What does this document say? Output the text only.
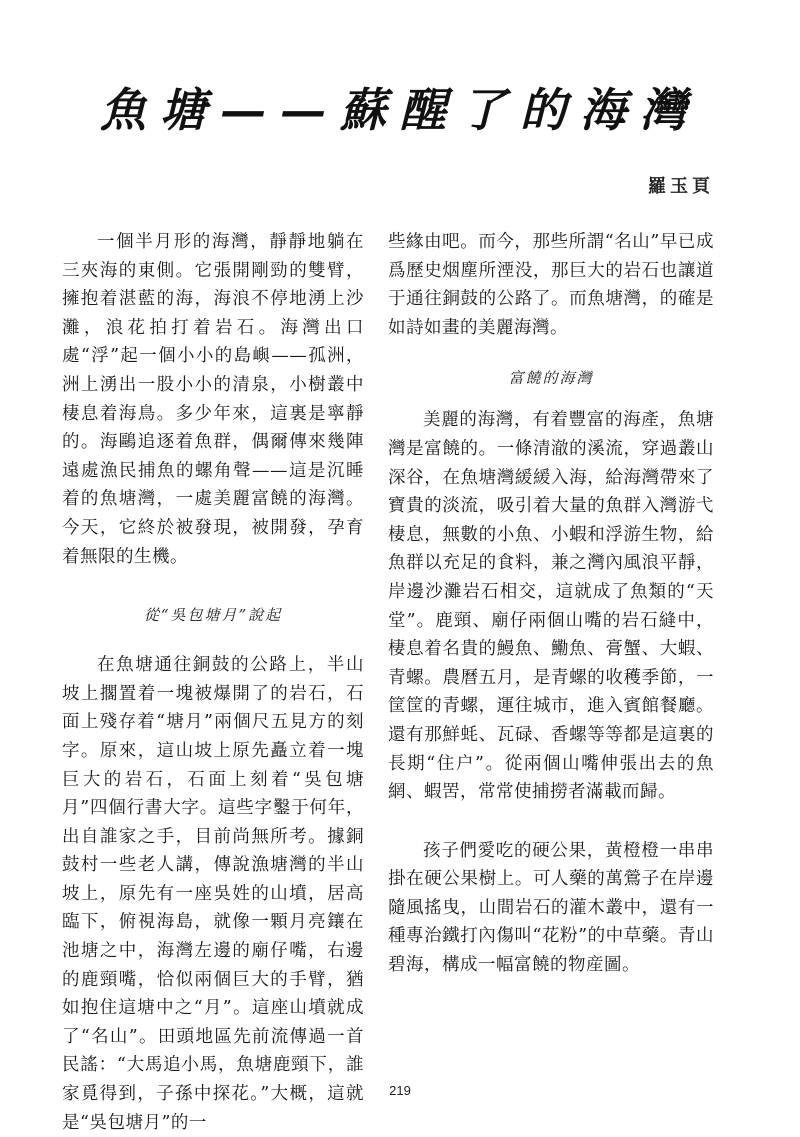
魚塘——蘇醒了的海灣
羅玉頁

一個半月形的海灣，靜靜地躺在三夾海的東側。它張開剛勁的雙臂，擁抱着湛藍的海，海浪不停地湧上沙灘，浪花拍打着岩石。海灣出口處“浮”起一個小小的島嶼——孤洲，洲上湧出一股小小的清泉，小樹叢中棲息着海鳥。多少年來，這裏是寧靜的。海鷗追逐着魚群，偶爾傳來幾陣遠處漁民捕魚的螺角聲——這是沉睡着的魚塘灣，一處美麗富饒的海灣。今天，它終於被發現，被開發，孕育着無限的生機。

從“吳包塘月”說起

在魚塘通往銅鼓的公路上，半山坡上擱置着一塊被爆開了的岩石，石面上殘存着“塘月”兩個尺五見方的刻字。原來，這山坡上原先矗立着一塊巨大的岩石，石面上刻着“吳包塘月”四個行書大字。這些字鑿于何年，出自誰家之手，目前尚無所考。據銅鼓村一些老人講，傳說漁塘灣的半山坡上，原先有一座吳姓的山墳，居高臨下，俯視海島，就像一顆月亮鑲在池塘之中，海灣左邊的廟仔嘴，右邊的鹿頸嘴，恰似兩個巨大的手臂，猶如抱住這塘中之“月”。這座山墳就成了“名山”。田頭地區先前流傳過一首民謠：“大馬追小馬，魚塘鹿頸下，誰家覓得到，子孫中探花。”大概，這就是“吳包塘月”的一

些緣由吧。而今，那些所謂“名山”早已成爲歷史烟塵所湮没，那巨大的岩石也讓道于通往銅鼓的公路了。而魚塘灣，的確是如詩如畫的美麗海灣。

富饒的海灣

美麗的海灣，有着豐富的海產，魚塘灣是富饒的。一條清澈的溪流，穿過叢山深谷，在魚塘灣緩緩入海，給海灣帶來了寶貴的淡流，吸引着大量的魚群入灣游弋棲息，無數的小魚、小蝦和浮游生物，給魚群以充足的食料，兼之灣內風浪平靜，岸邊沙灘岩石相交，這就成了魚類的“天堂”。鹿頸、廟仔兩個山嘴的岩石縫中，棲息着名貴的鰻魚、鰳魚、膏蟹、大蝦、青螺。農曆五月，是青螺的收穫季節，一筐筐的青螺，運往城市，進入賓館餐廳。還有那鮮蚝、瓦碌、香螺等等都是這裏的長期“住户”。從兩個山嘴伸張出去的魚網、蝦罟，常常使捕撈者滿載而歸。

孩子們愛吃的硬公果，黄橙橙一串串掛在硬公果樹上。可人藥的萬鶯子在岸邊隨風搖曳，山間岩石的灌木叢中，還有一種專治鐵打內傷叫“花粉”的中草藥。青山碧海，構成一幅富饒的物産圖。

219
